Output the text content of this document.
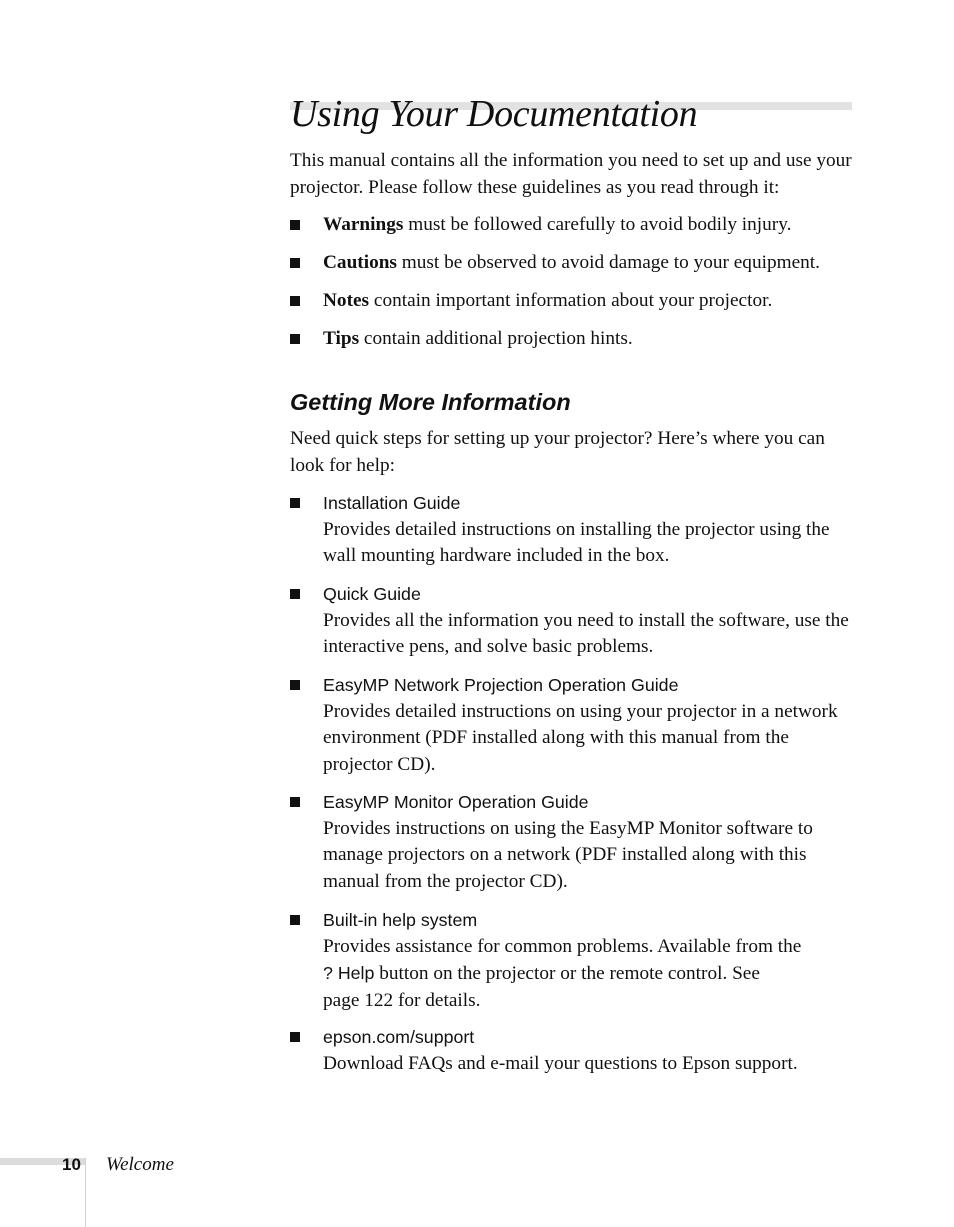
Using Your Documentation

This manual contains all the information you need to set up and use your projector. Please follow these guidelines as you read through it:

Warnings must be followed carefully to avoid bodily injury.
Cautions must be observed to avoid damage to your equipment.
Notes contain important information about your projector.
Tips contain additional projection hints.
Getting More Information

Need quick steps for setting up your projector? Here’s where you can look for help:

Installation Guide
Provides detailed instructions on installing the projector using the wall mounting hardware included in the box.
Quick Guide
Provides all the information you need to install the software, use the interactive pens, and solve basic problems.
EasyMP Network Projection Operation Guide
Provides detailed instructions on using your projector in a network environment (PDF installed along with this manual from the projector CD).
EasyMP Monitor Operation Guide
Provides instructions on using the EasyMP Monitor software to manage projectors on a network (PDF installed along with this manual from the projector CD).
Built-in help system
Provides assistance for common problems. Available from the
? Help button on the projector or the remote control. See
page 122 for details.
epson.com/support
Download FAQs and e-mail your questions to Epson support.
10 Welcome
